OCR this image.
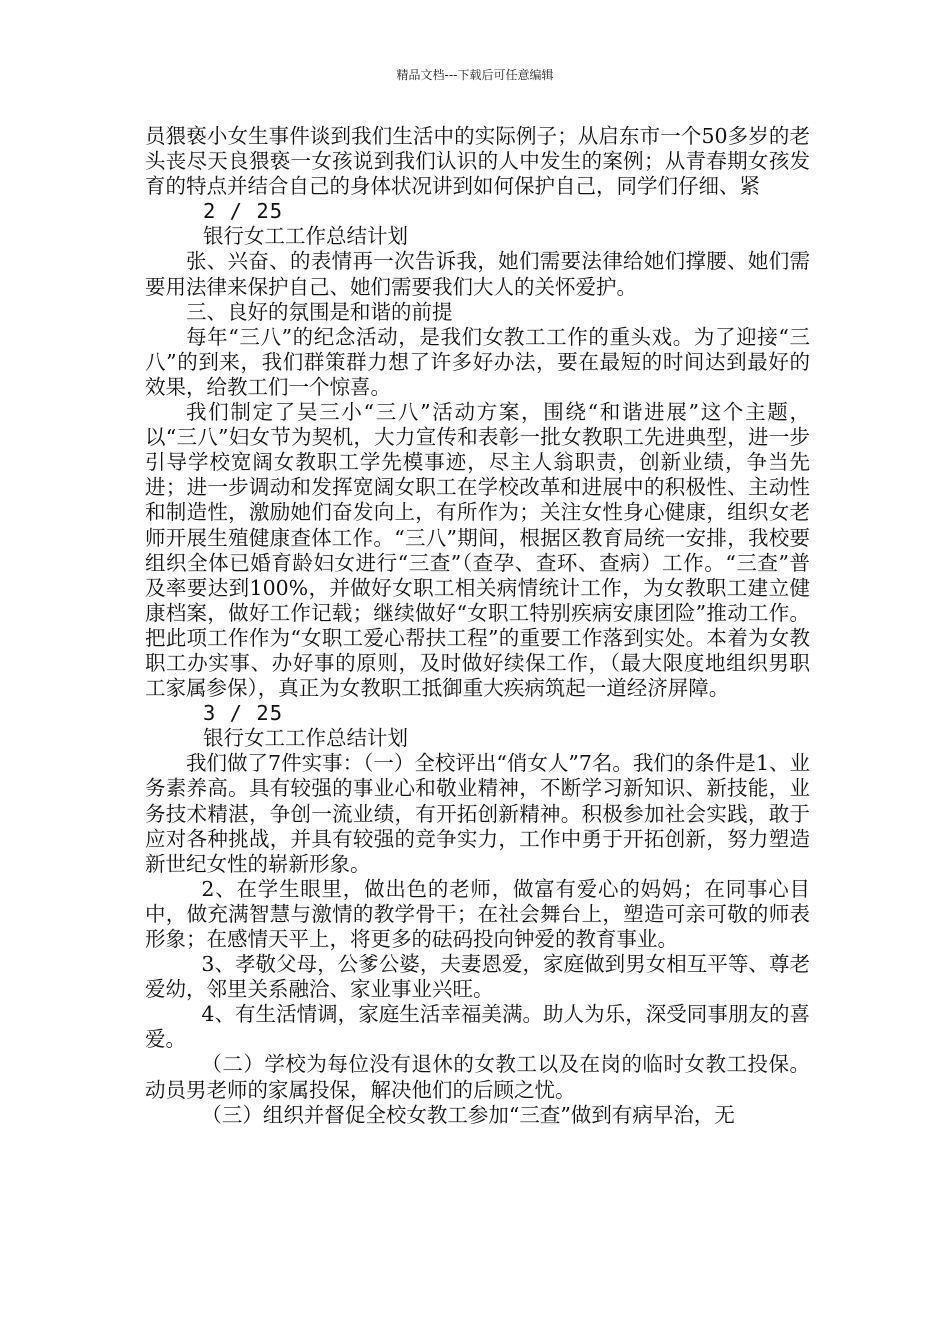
精品文档---下载后可任意编辑

员猥亵小女生事件谈到我们生活中的实际例子；从启东市一个50多岁的老头丧尽天良猥亵一女孩说到我们认识的人中发生的案例；从青春期女孩发育的特点并结合自己的身体状况讲到如何保护自己，同学们仔细、紧

2 / 25

银行女工工作总结计划

张、兴奋、的表情再一次告诉我，她们需要法律给她们撑腰、她们需要用法律来保护自己、她们需要我们大人的关怀爱护。

三、良好的氛围是和谐的前提

每年“三八”的纪念活动，是我们女教工工作的重头戏。为了迎接“三八”的到来，我们群策群力想了许多好办法，要在最短的时间达到最好的效果，给教工们一个惊喜。

我们制定了吴三小“三八”活动方案，围绕“和谐进展”这个主题，以“三八”妇女节为契机，大力宣传和表彰一批女教职工先进典型，进一步引导学校宽阔女教职工学先模事迹，尽主人翁职责，创新业绩，争当先进；进一步调动和发挥宽阔女职工在学校改革和进展中的积极性、主动性和制造性，激励她们奋发向上，有所作为；关注女性身心健康，组织女老师开展生殖健康查体工作。“三八”期间，根据区教育局统一安排，我校要组织全体已婚育龄妇女进行“三查”（查孕、查环、查病）工作。“三查”普及率要达到100%，并做好女职工相关病情统计工作，为女教职工建立健康档案，做好工作记载；继续做好“女职工特别疾病安康团险”推动工作。把此项工作作为“女职工爱心帮扶工程”的重要工作落到实处。本着为女教职工办实事、办好事的原则，及时做好续保工作，（最大限度地组织男职工家属参保），真正为女教职工抵御重大疾病筑起一道经济屏障。

3 / 25

银行女工工作总结计划

我们做了7件实事：（一）全校评出“俏女人”7名。我们的条件是1、业务素养高。具有较强的事业心和敬业精神，不断学习新知识、新技能，业务技术精湛，争创一流业绩，有开拓创新精神。积极参加社会实践，敢于应对各种挑战，并具有较强的竞争实力，工作中勇于开拓创新，努力塑造新世纪女性的崭新形象。

2、在学生眼里，做出色的老师，做富有爱心的妈妈；在同事心目中，做充满智慧与激情的教学骨干；在社会舞台上，塑造可亲可敬的师表形象；在感情天平上，将更多的砝码投向钟爱的教育事业。

3、孝敬父母，公爹公婆，夫妻恩爱，家庭做到男女相互平等、尊老爱幼，邻里关系融洽、家业事业兴旺。

4、有生活情调，家庭生活幸福美满。助人为乐，深受同事朋友的喜爱。

（二）学校为每位没有退休的女教工以及在岗的临时女教工投保。动员男老师的家属投保，解决他们的后顾之忧。

（三）组织并督促全校女教工参加“三查”做到有病早治，无
